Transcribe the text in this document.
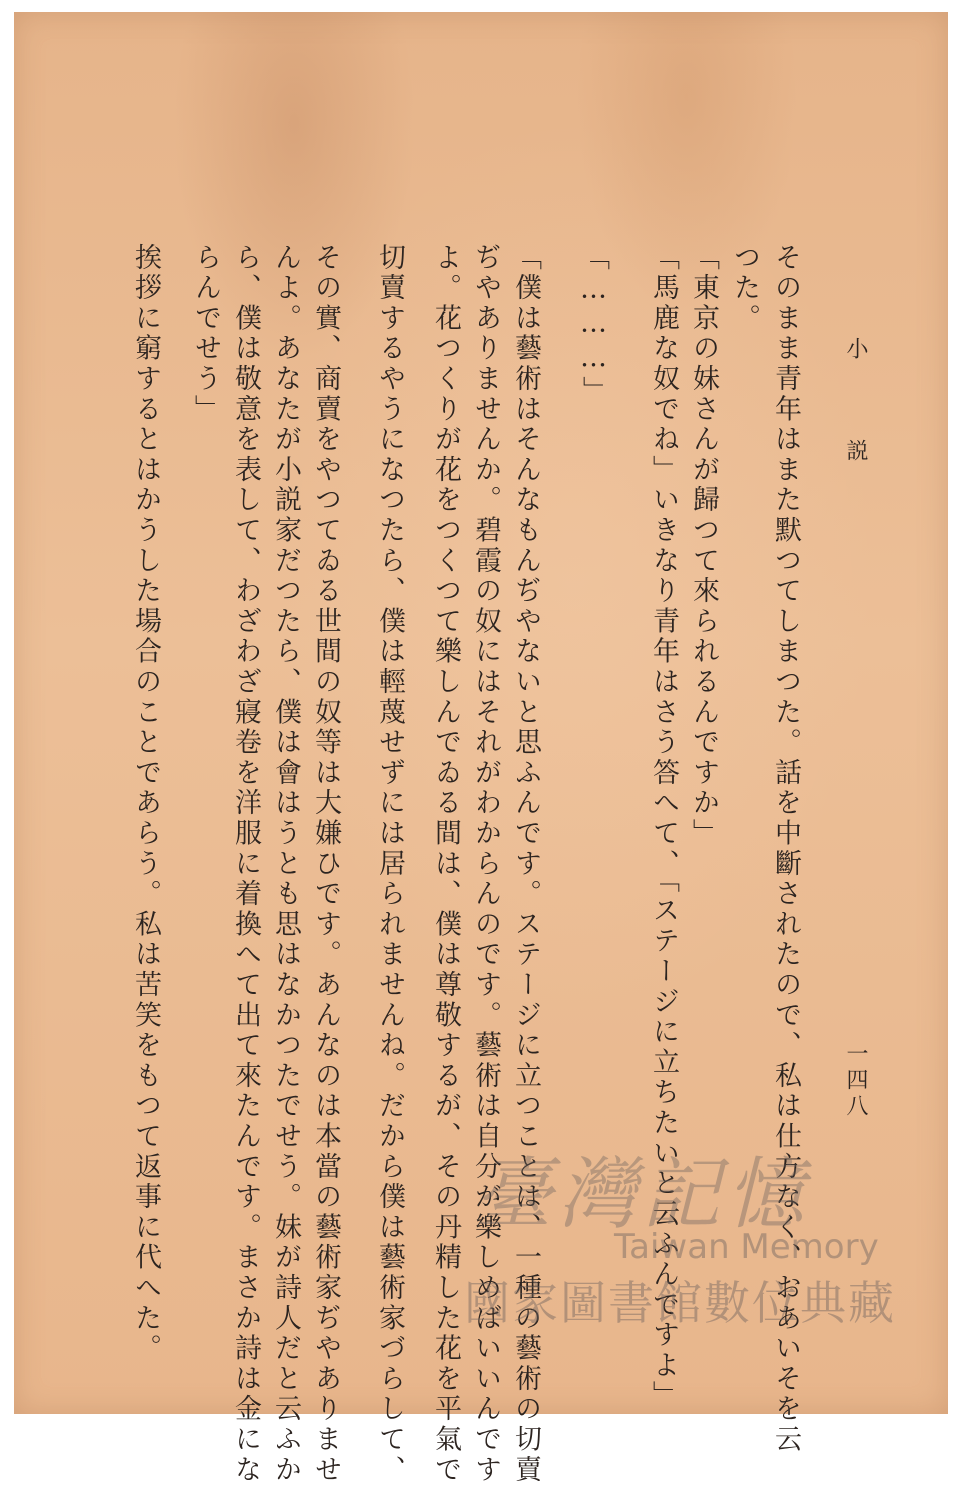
小説
一四八
そのまま青年はまた默つてしまつた。話を中斷されたので、私は仕方なく、おあいそを云
つた。
「東京の妹さんが歸つて來られるんですか」
「馬鹿な奴でね」いきなり青年はさう答へて、「ステージに立ちたいと云ふんですよ」
「………」
「僕は藝術はそんなもんぢやないと思ふんです。ステージに立つことは、一種の藝術の切賣
ぢやありませんか。碧霞の奴にはそれがわからんのです。藝術は自分が樂しめばいいんです
よ。花つくりが花をつくつて樂しんでゐる間は、僕は尊敬するが、その丹精した花を平氣で
切賣するやうになつたら、僕は輕蔑せずには居られませんね。だから僕は藝術家づらして、
その實、商賣をやつてゐる世間の奴等は大嫌ひです。あんなのは本當の藝術家ぢやありませ
んよ。あなたが小説家だつたら、僕は會はうとも思はなかつたでせう。妹が詩人だと云ふか
ら、僕は敬意を表して、わざわざ寢卷を洋服に着換へて出て來たんです。まさか詩は金にな
らんでせう」
挨拶に窮するとはかうした場合のことであらう。私は苦笑をもつて返事に代へた。	臺灣記憶
Taiwan Memory
國家圖書館數位典藏
